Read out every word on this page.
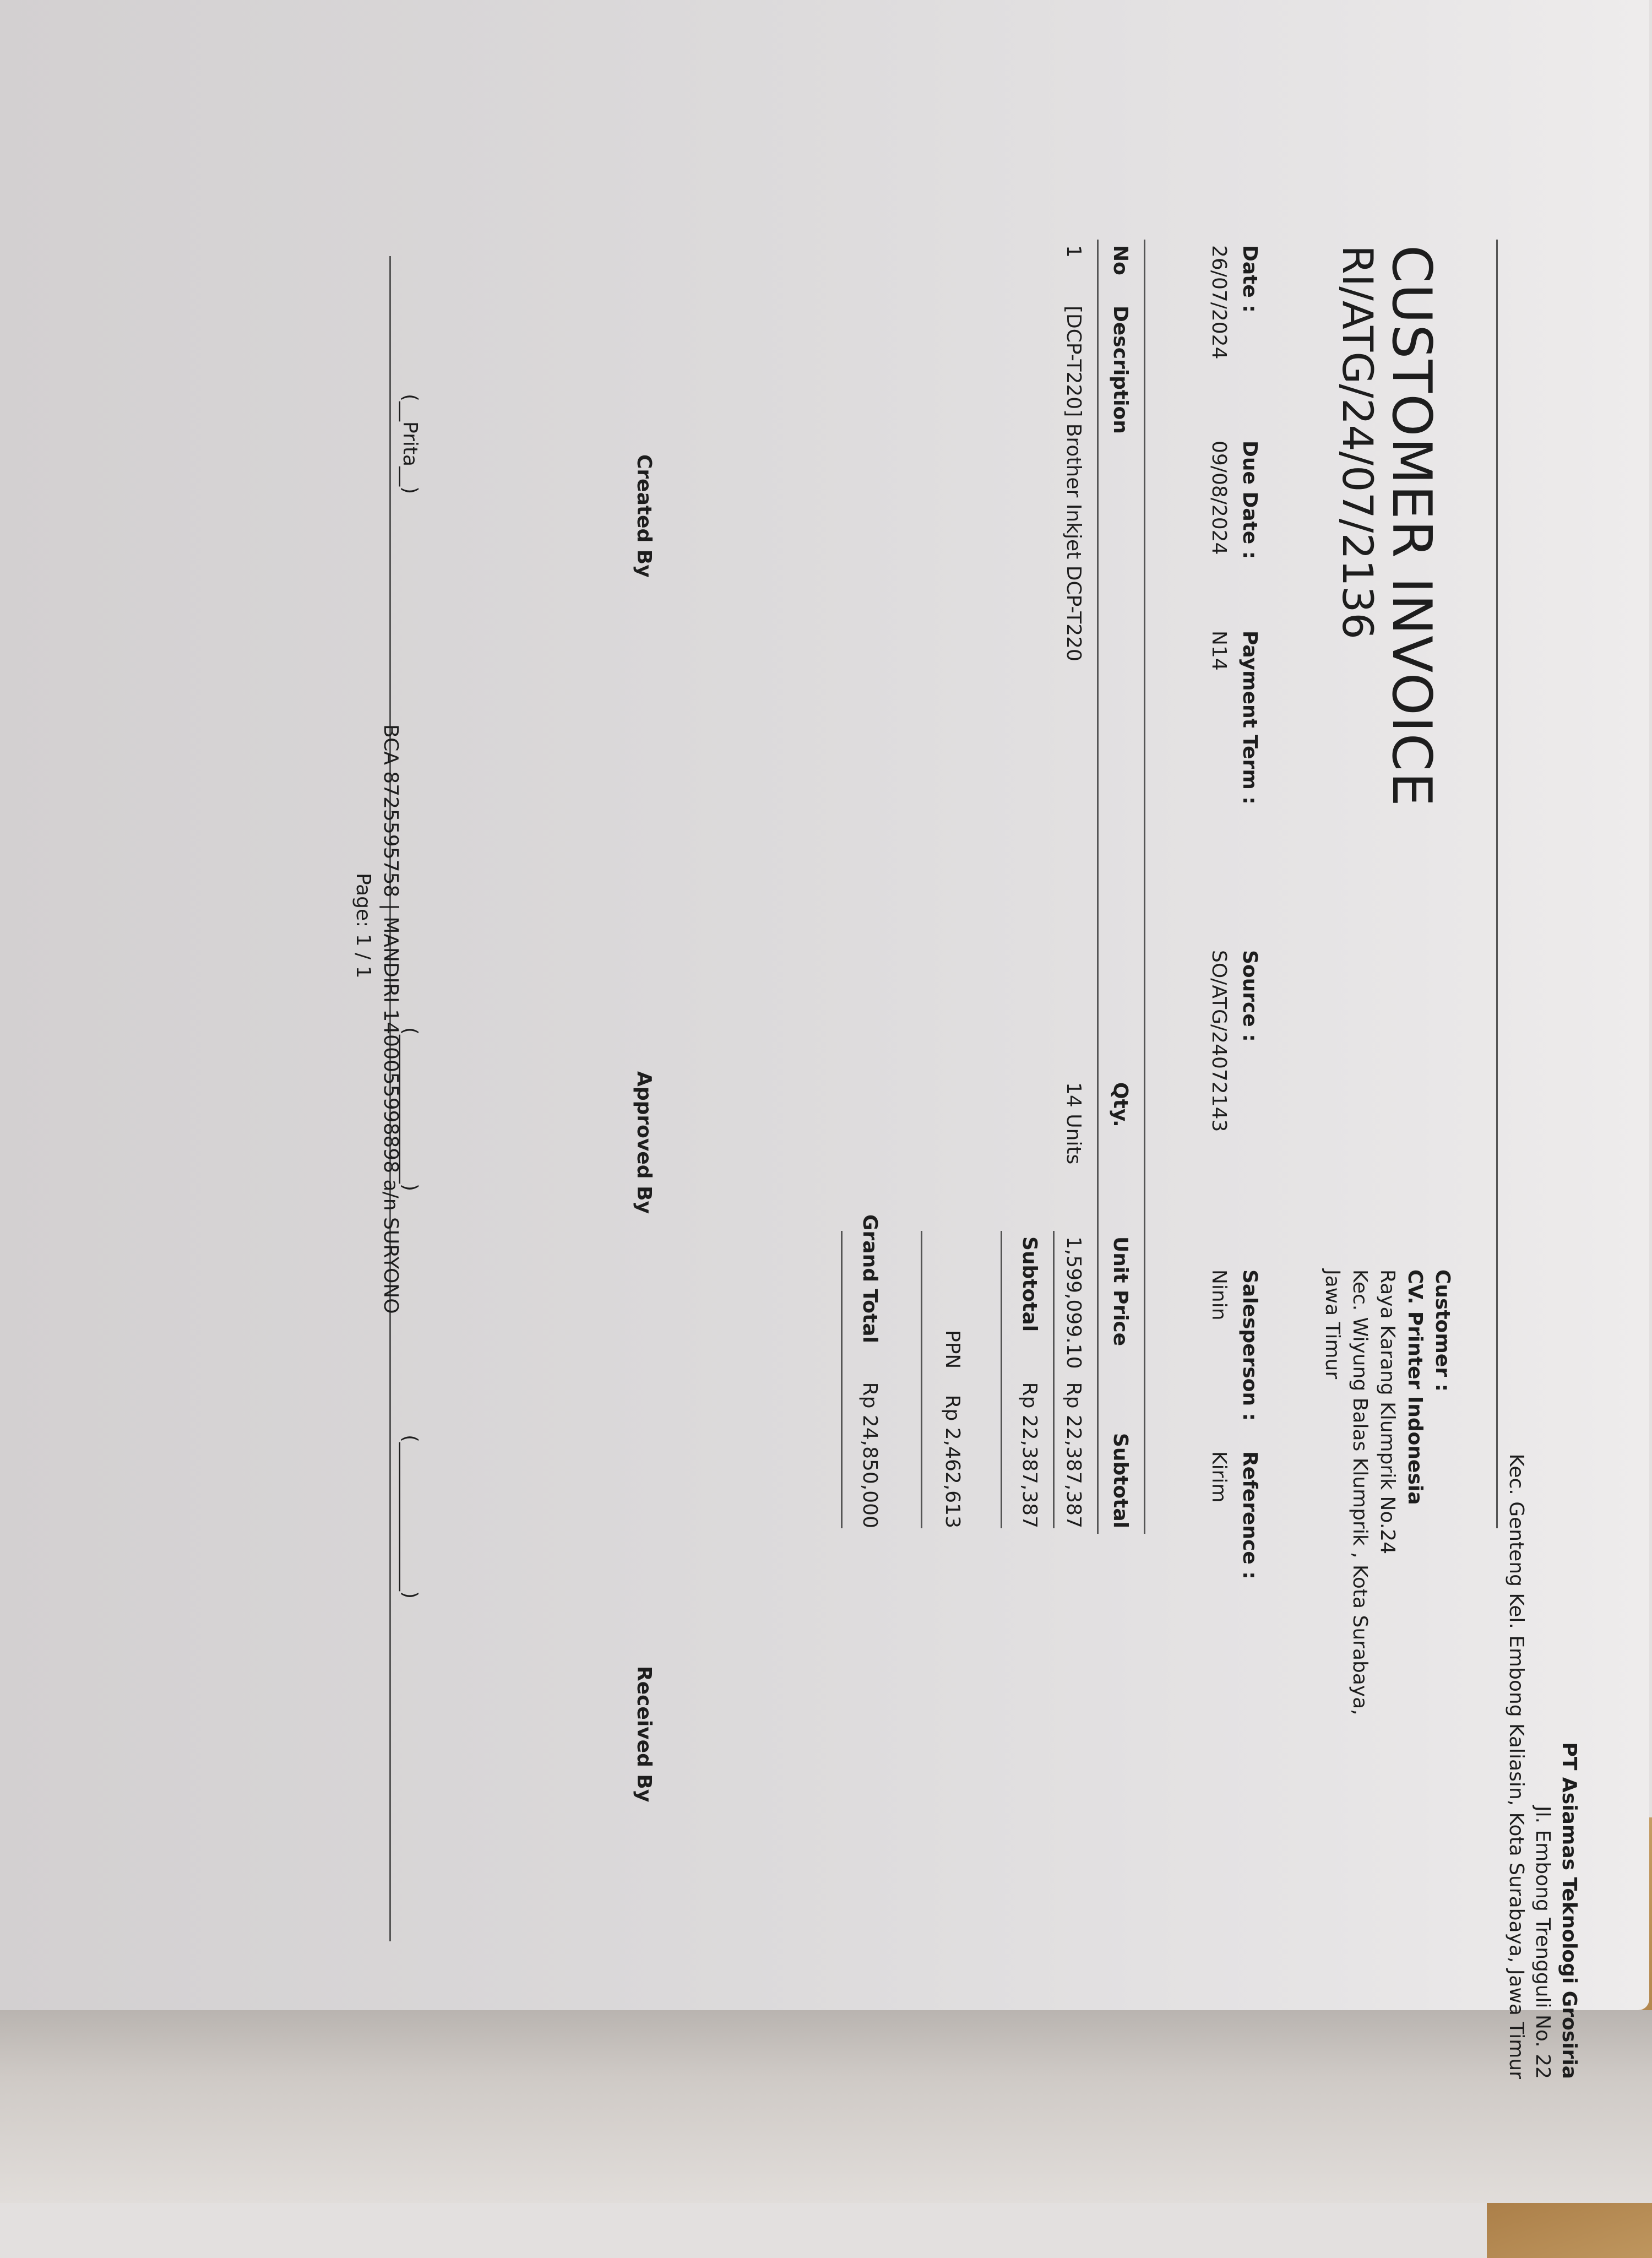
PT Asiamas Teknologi Grosiria
Jl. Embong Trengguli No. 22
Kec. Genteng Kel. Embong Kaliasin, Kota Surabaya, Jawa Timur
CUSTOMER INVOICE
RI/ATG/24/07/2136
Customer :
CV. Printer Indonesia
Raya Karang Klumprik No.24
Kec. Wiyung Balas Klumprik , Kota Surabaya,
Jawa Timur
Date :
26/07/2024
Due Date :
09/08/2024
Payment Term :
N14
Source :
SO/ATG/24072143
Salesperson :
Ninin
Reference :
Kirim
No
Description
Qty.
Unit Price
Subtotal
1
[DCP-T220] Brother Inkjet DCP-T220
14 Units
1,599,099.10
Rp 22,387,387
Subtotal
Rp 22,387,387
PPN
Rp 2,462,613
Grand Total
Rp 24,850,000
Created By
Approved By
Received By
(__Prita__)
(_______________)
(_______________)
BCA 8725595758 | MANDIRI 1400055998898 a/n SURYONO
Page: 1 / 1
